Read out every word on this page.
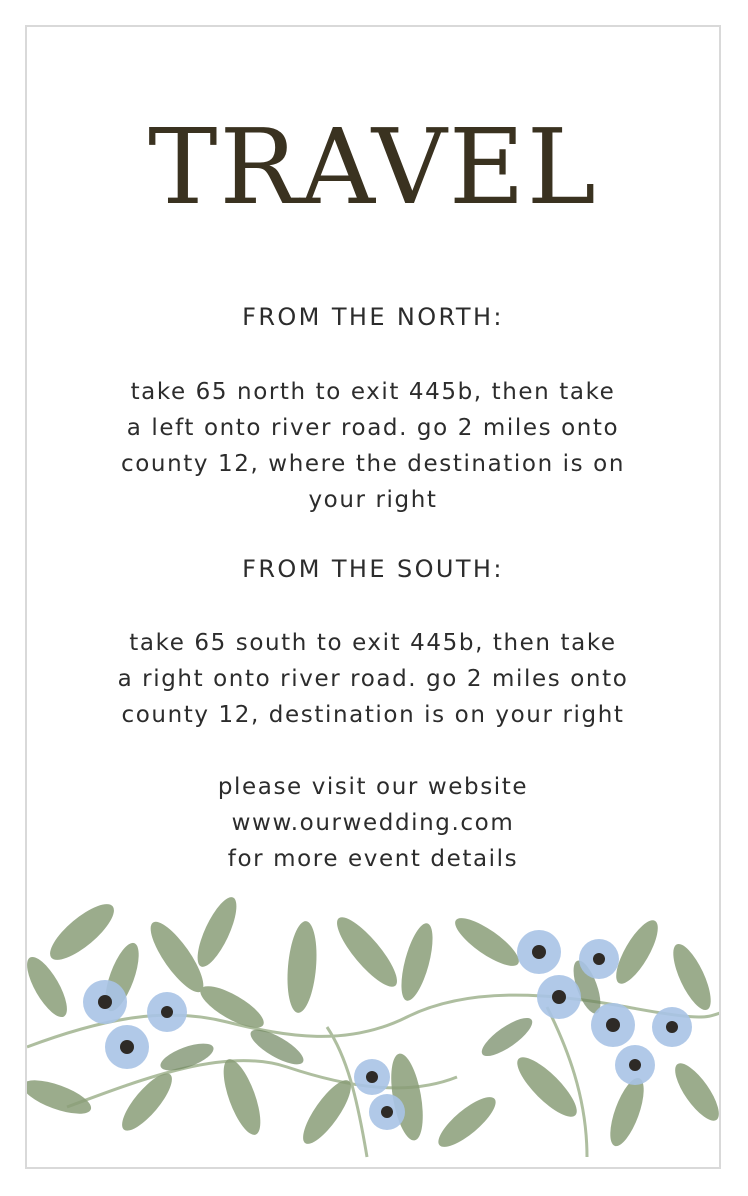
TRAVEL

FROM THE NORTH:

take 65 north to exit 445b, then take

a left onto river road. go 2 miles onto

county 12, where the destination is on

your right

FROM THE SOUTH:

take 65 south to exit 445b, then take

a right onto river road. go 2 miles onto

county 12, destination is on your right

please visit our website

www.ourwedding.com

for more event details
